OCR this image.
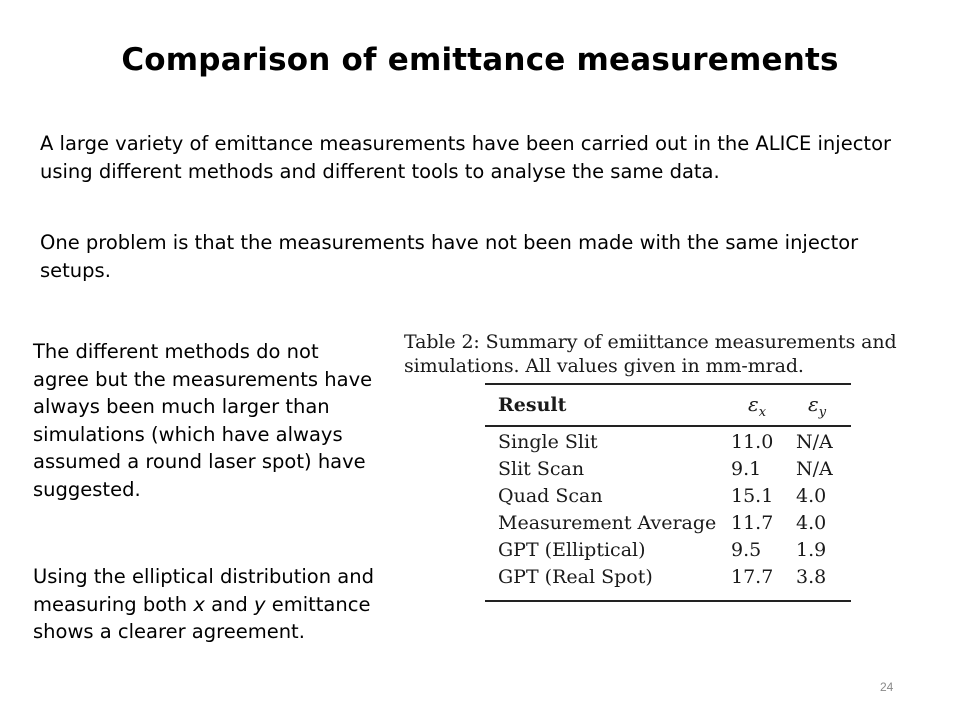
Comparison of emittance measurements

A large variety of emittance measurements have been carried out in the ALICE injector using different methods and different tools to analyse the same data.

One problem is that the measurements have not been made with the same injector setups.

The different methods do not agree but the measurements have always been much larger than simulations (which have always assumed a round laser spot) have suggested.

Using the elliptical distribution and measuring both x and y emittance shows a clearer agreement.

Table 2: Summary of emiittance measurements and simulations. All values given in mm-mrad.
Result	$\varepsilon_x$ $\varepsilon_y$
Single Slit	11.0 N/A
Slit Scan	9.1 N/A
Quad Scan	15.1 4.0
Measurement Average 11.7 4.0
GPT (Elliptical)	9.5 1.9
GPT (Real Spot)	17.7 3.8
24
